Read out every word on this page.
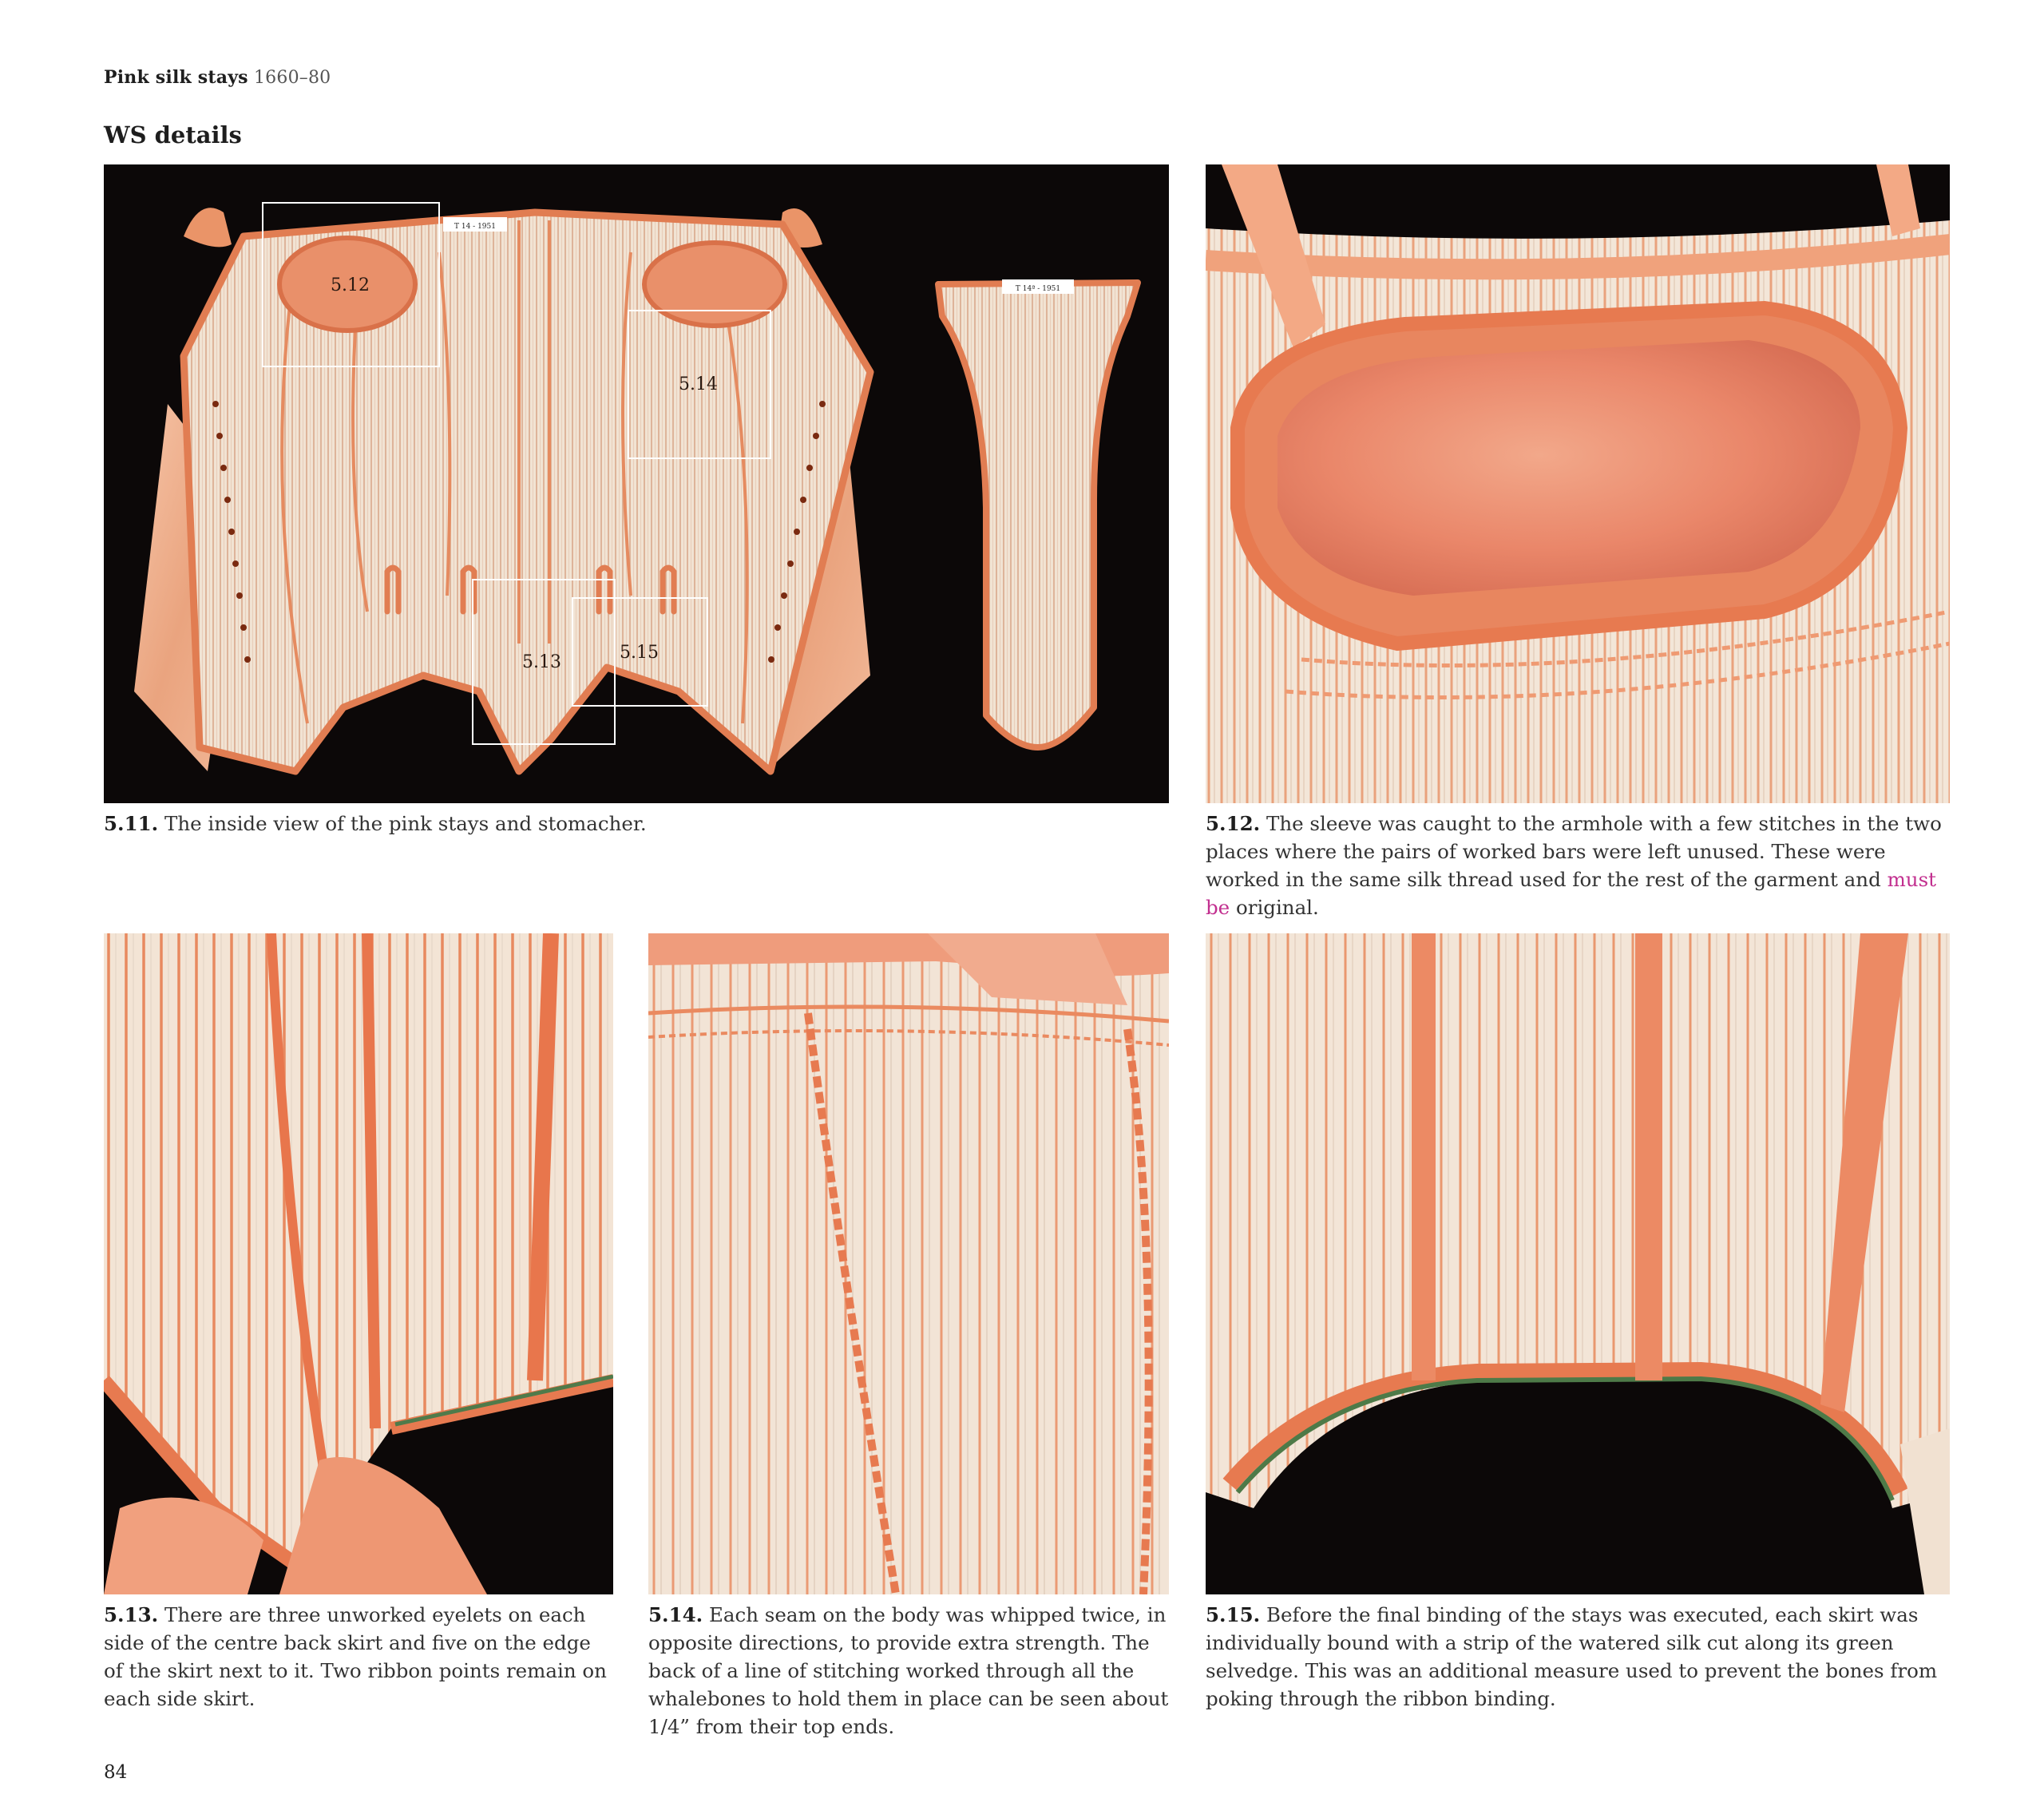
Pink silk stays 1660–80
WS details
T 14 - 1951
T 14ª - 1951
5.12
5.14
5.13	5.15
5.11. The inside view of the pink stays and stomacher.	5.12. The sleeve was caught to the armhole with a few stitches in the two places where the pairs of worked bars were left unused. These were worked in the same silk thread used for the rest of the garment and must be original.
5.13. There are three unworked eyelets on each side of the centre back skirt and five on the edge of the skirt next to it. Two ribbon points remain on each side skirt.
5.14. Each seam on the body was whipped twice, in opposite directions, to provide extra strength. The back of a line of stitching worked through all the whalebones to hold them in place can be seen about 1/4” from their top ends.
5.15. Before the final binding of the stays was executed, each skirt was individually bound with a strip of the watered silk cut along its green selvedge. This was an additional measure used to prevent the bones from poking through the ribbon binding.
84
